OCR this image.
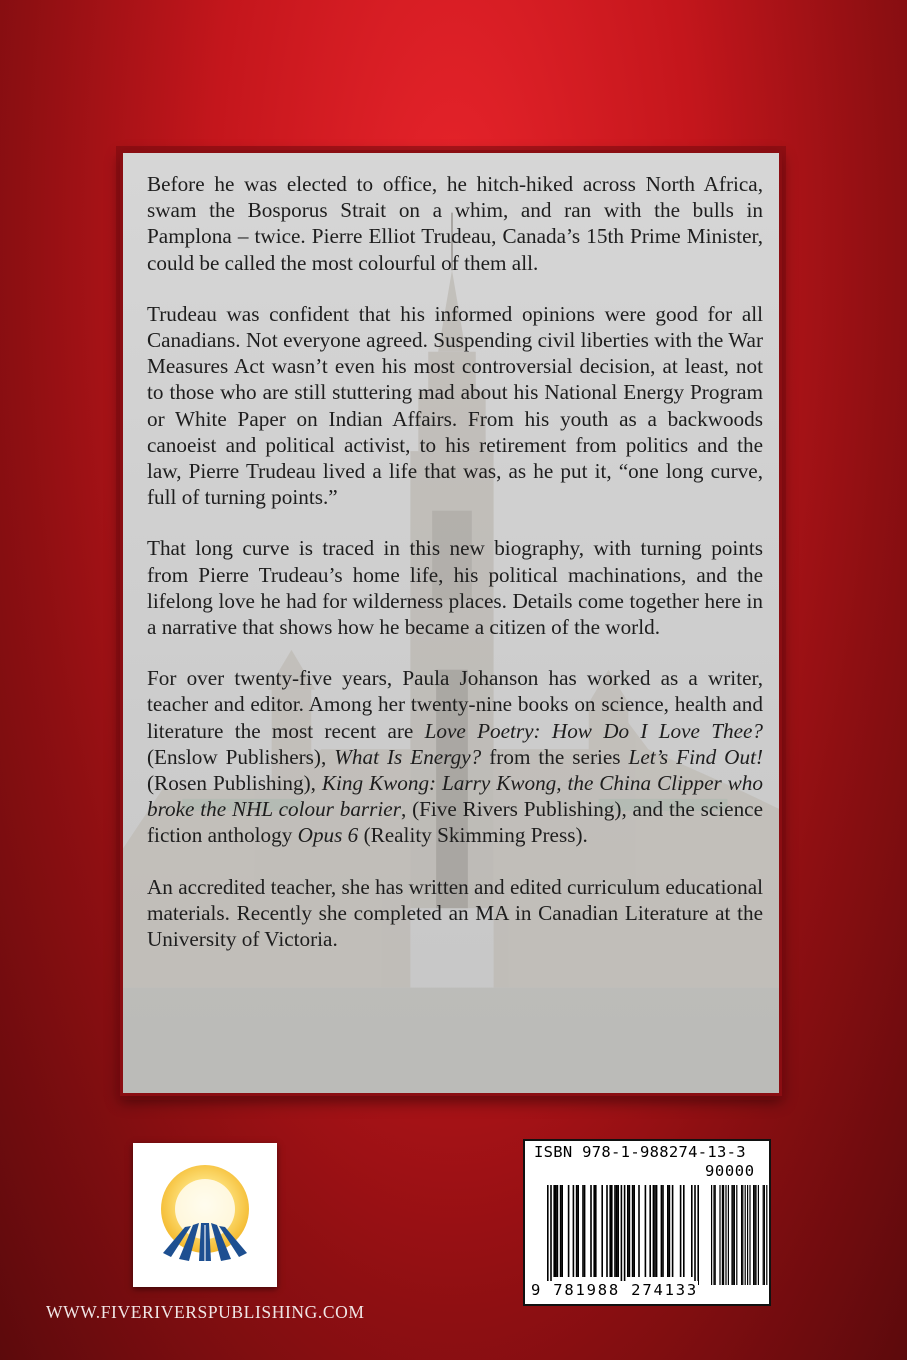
Before he was elected to office, he hitch-hiked across North Africa, swam the Bosporus Strait on a whim, and ran with the bulls in Pamplona – twice. Pierre Elliot Trudeau, Canada’s 15th Prime Minister, could be called the most colourful of them all.

Trudeau was confident that his informed opinions were good for all Canadians. Not everyone agreed. Suspending civil liberties with the War Measures Act wasn’t even his most controversial decision, at least, not to those who are still stuttering mad about his National Energy Program or White Paper on Indian Affairs. From his youth as a backwoods canoeist and political activist, to his retirement from politics and the law, Pierre Trudeau lived a life that was, as he put it, “one long curve, full of turning points.”

That long curve is traced in this new biography, with turning points from Pierre Trudeau’s home life, his political machinations, and the lifelong love he had for wilderness places. Details come together here in a narrative that shows how he became a citizen of the world.

For over twenty-five years, Paula Johanson has worked as a writer, teacher and editor. Among her twenty-nine books on science, health and literature the most recent are Love Poetry: How Do I Love Thee? (Enslow Publishers), What Is Energy? from the series Let’s Find Out! (Rosen Publishing), King Kwong: Larry Kwong, the China Clipper who broke the NHL colour barrier, (Five Rivers Publishing), and the science fiction anthology Opus 6 (Reality Skimming Press).

An accredited teacher, she has written and edited curriculum educational materials. Recently she completed an MA in Canadian Literature at the University of Victoria.

WWW.FIVERIVERSPUBLISHING.COM
ISBN 978-1-988274-13-3
90000
9 781988 274133
